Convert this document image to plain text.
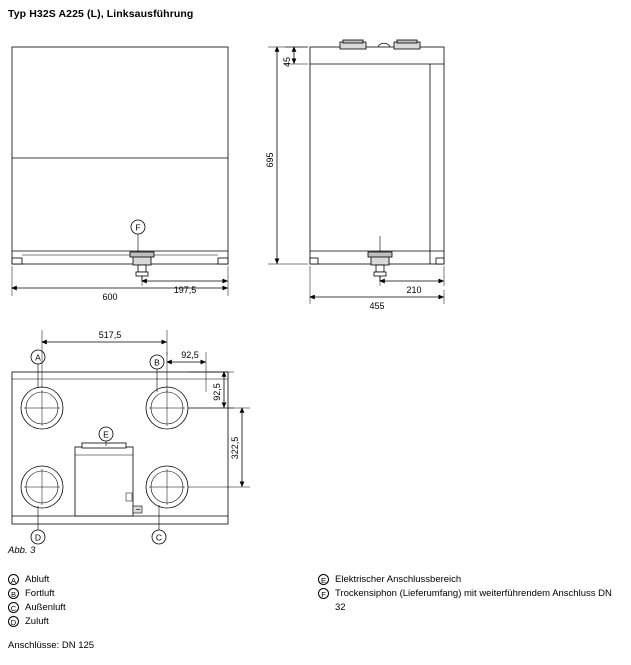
Typ H32S A225 (L), Linksausführung
F
600
197,5
45
695
210
455
A	B
C
D
E
517,5
92,5
92,5
322,5
Abb. 3
A Abluft
B Fortluft
C Außenluft
D Zuluft
E Elektrischer Anschlussbereich
F Trockensiphon (Lieferumfang) mit weiterführendem Anschluss DN 32
Anschlüsse: DN 125
